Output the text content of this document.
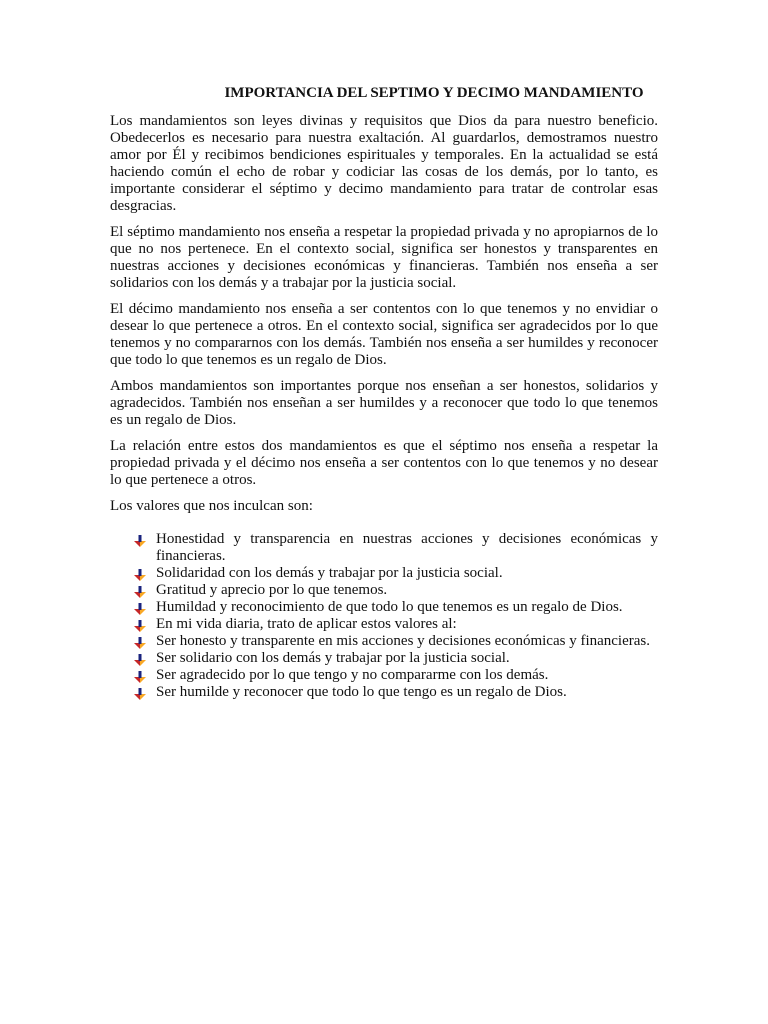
IMPORTANCIA DEL SEPTIMO Y DECIMO MANDAMIENTO

Los mandamientos son leyes divinas y requisitos que Dios da para nuestro beneficio. Obedecerlos es necesario para nuestra exaltación. Al guardarlos, demostramos nuestro amor por Él y recibimos bendiciones espirituales y temporales. En la actualidad se está haciendo común el echo de robar y codiciar las cosas de los demás, por lo tanto, es importante considerar el séptimo y decimo mandamiento para tratar de controlar esas desgracias.

El séptimo mandamiento nos enseña a respetar la propiedad privada y no apropiarnos de lo que no nos pertenece. En el contexto social, significa ser honestos y transparentes en nuestras acciones y decisiones económicas y financieras. También nos enseña a ser solidarios con los demás y a trabajar por la justicia social.

El décimo mandamiento nos enseña a ser contentos con lo que tenemos y no envidiar o desear lo que pertenece a otros. En el contexto social, significa ser agradecidos por lo que tenemos y no compararnos con los demás. También nos enseña a ser humildes y reconocer que todo lo que tenemos es un regalo de Dios.

Ambos mandamientos son importantes porque nos enseñan a ser honestos, solidarios y agradecidos. También nos enseñan a ser humildes y a reconocer que todo lo que tenemos es un regalo de Dios.

La relación entre estos dos mandamientos es que el séptimo nos enseña a respetar la propiedad privada y el décimo nos enseña a ser contentos con lo que tenemos y no desear lo que pertenece a otros.

Los valores que nos inculcan son:

Honestidad y transparencia en nuestras acciones y decisiones económicas y financieras.
Solidaridad con los demás y trabajar por la justicia social.
Gratitud y aprecio por lo que tenemos.
Humildad y reconocimiento de que todo lo que tenemos es un regalo de Dios.
En mi vida diaria, trato de aplicar estos valores al:
Ser honesto y transparente en mis acciones y decisiones económicas y financieras.
Ser solidario con los demás y trabajar por la justicia social.
Ser agradecido por lo que tengo y no compararme con los demás.
Ser humilde y reconocer que todo lo que tengo es un regalo de Dios.
